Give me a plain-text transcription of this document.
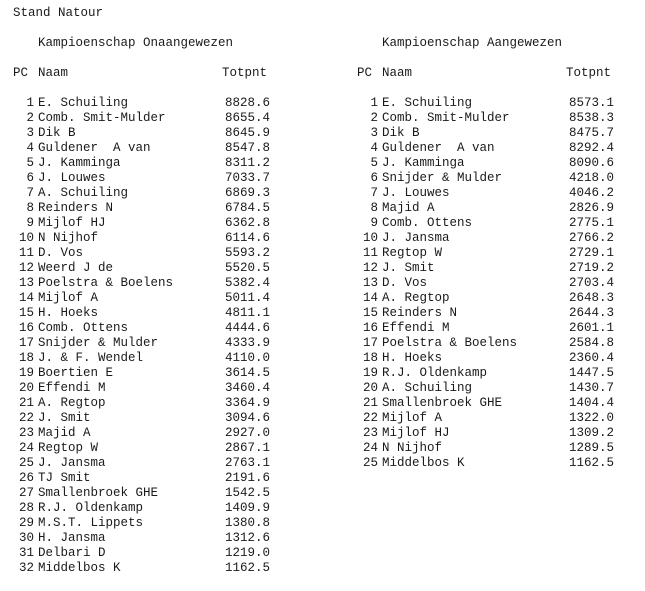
Stand Natour
Kampioenschap Onaangewezen
PC Naam	Totpnt
1 E. Schuiling	8828.6
2 Comb. Smit-Mulder	8655.4
3 Dik B	8645.9
4 Guldener  A van	8547.8
5 J. Kamminga	8311.2
6 J. Louwes	7033.7
7 A. Schuiling	6869.3
8 Reinders N	6784.5
9 Mijlof HJ	6362.8
10 N Nijhof	6114.6
11 D. Vos	5593.2
12 Weerd J de	5520.5
13 Poelstra & Boelens	5382.4
14 Mijlof A	5011.4
15 H. Hoeks	4811.1
16 Comb. Ottens	4444.6
17 Snijder & Mulder	4333.9
18 J. & F. Wendel	4110.0
19 Boertien E	3614.5
20 Effendi M	3460.4
21 A. Regtop	3364.9
22 J. Smit	3094.6
23 Majid A	2927.0
24 Regtop W	2867.1
25 J. Jansma	2763.1
26 TJ Smit	2191.6
27 Smallenbroek GHE	1542.5
28 R.J. Oldenkamp	1409.9
29 M.S.T. Lippets	1380.8
30 H. Jansma	1312.6
31 Delbari D	1219.0
32 Middelbos K	1162.5
Kampioenschap Aangewezen
PC Naam	Totpnt
1 E. Schuiling	8573.1
2 Comb. Smit-Mulder	8538.3
3 Dik B	8475.7
4 Guldener  A van	8292.4
5 J. Kamminga	8090.6
6 Snijder & Mulder	4218.0
7 J. Louwes	4046.2
8 Majid A	2826.9
9 Comb. Ottens	2775.1
10 J. Jansma	2766.2
11 Regtop W	2729.1
12 J. Smit	2719.2
13 D. Vos	2703.4
14 A. Regtop	2648.3
15 Reinders N	2644.3
16 Effendi M	2601.1
17 Poelstra & Boelens	2584.8
18 H. Hoeks	2360.4
19 R.J. Oldenkamp	1447.5
20 A. Schuiling	1430.7
21 Smallenbroek GHE	1404.4
22 Mijlof A	1322.0
23 Mijlof HJ	1309.2
24 N Nijhof	1289.5
25 Middelbos K	1162.5
